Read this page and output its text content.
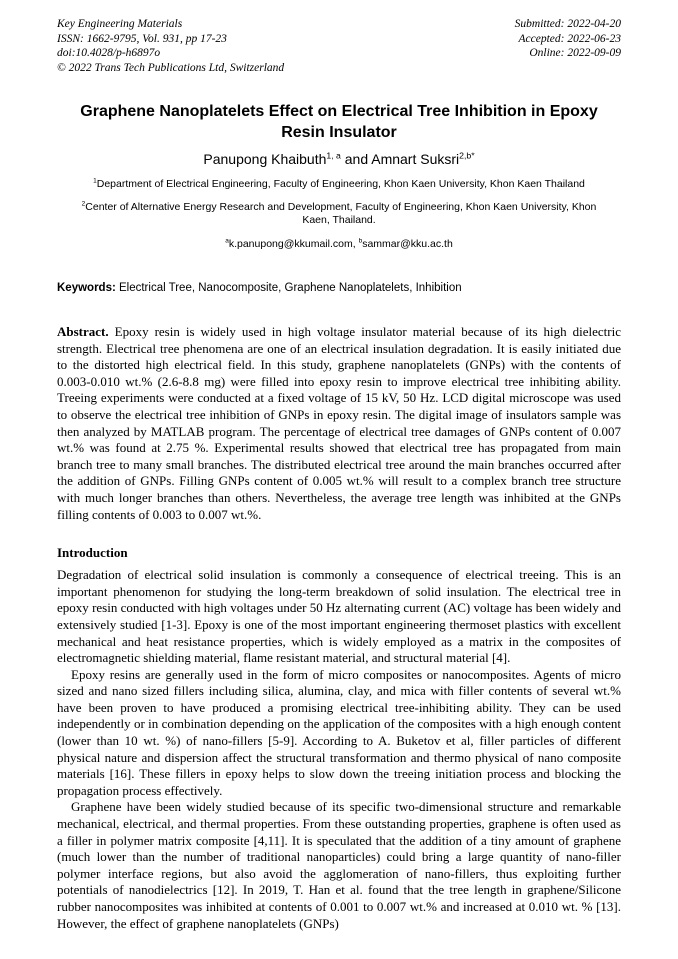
Key Engineering Materials
ISSN: 1662-9795, Vol. 931, pp 17-23
doi:10.4028/p-h6897o
© 2022 Trans Tech Publications Ltd, Switzerland
Submitted: 2022-04-20
Accepted: 2022-06-23
Online: 2022-09-09
Graphene Nanoplatelets Effect on Electrical Tree Inhibition in Epoxy Resin Insulator

Panupong Khaibuth$^{1, a}$ and Amnart Suksri$^{2,b*}$

$^1$Department of Electrical Engineering, Faculty of Engineering, Khon Kaen University, Khon Kaen Thailand

$^2$Center of Alternative Energy Research and Development, Faculty of Engineering, Khon Kaen University, Khon Kaen, Thailand.

$^a$k.panupong@kkumail.com, $^b$sammar@kku.ac.th

Keywords: Electrical Tree, Nanocomposite, Graphene Nanoplatelets, Inhibition

Abstract. Epoxy resin is widely used in high voltage insulator material because of its high dielectric strength. Electrical tree phenomena are one of an electrical insulation degradation. It is easily initiated due to the distorted high electrical field. In this study, graphene nanoplatelets (GNPs) with the contents of 0.003-0.010 wt.% (2.6-8.8 mg) were filled into epoxy resin to improve electrical tree inhibiting ability. Treeing experiments were conducted at a fixed voltage of 15 kV, 50 Hz. LCD digital microscope was used to observe the electrical tree inhibition of GNPs in epoxy resin. The digital image of insulators sample was then analyzed by MATLAB program. The percentage of electrical tree damages of GNPs content of 0.007 wt.% was found at 2.75 %. Experimental results showed that electrical tree has propagated from main branch tree to many small branches. The distributed electrical tree around the main branches occurred after the addition of GNPs. Filling GNPs content of 0.005 wt.% will result to a complex branch tree structure with much longer branches than others. Nevertheless, the average tree length was inhibited at the GNPs filling contents of 0.003 to 0.007 wt.%.

Introduction

Degradation of electrical solid insulation is commonly a consequence of electrical treeing. This is an important phenomenon for studying the long-term breakdown of solid insulation. The electrical tree in epoxy resin conducted with high voltages under 50 Hz alternating current (AC) voltage has been widely and extensively studied [1-3]. Epoxy is one of the most important engineering thermoset plastics with excellent mechanical and heat resistance properties, which is widely employed as a matrix in the composites of electromagnetic shielding material, flame resistant material, and structural material [4].

Epoxy resins are generally used in the form of micro composites or nanocomposites. Agents of micro sized and nano sized fillers including silica, alumina, clay, and mica with filler contents of several wt.% have been proven to have produced a promising electrical tree-inhibiting ability. They can be used independently or in combination depending on the application of the composites with a high enough content (lower than 10 wt. %) of nano-fillers [5-9]. According to A. Buketov et al, filler particles of different physical nature and dispersion affect the structural transformation and thermo physical of nano composite materials [16]. These fillers in epoxy helps to slow down the treeing initiation process and blocking the propagation process effectively.

Graphene have been widely studied because of its specific two-dimensional structure and remarkable mechanical, electrical, and thermal properties. From these outstanding properties, graphene is often used as a filler in polymer matrix composite [4,11]. It is speculated that the addition of a tiny amount of graphene (much lower than the number of traditional nanoparticles) could bring a large quantity of nano-filler polymer interface regions, but also avoid the agglomeration of nano-fillers, thus exploiting further potentials of nanodielectrics [12]. In 2019, T. Han et al. found that the tree length in graphene/Silicone rubber nanocomposites was inhibited at contents of 0.001 to 0.007 wt.% and increased at 0.010 wt. % [13]. However, the effect of graphene nanoplatelets (GNPs)
